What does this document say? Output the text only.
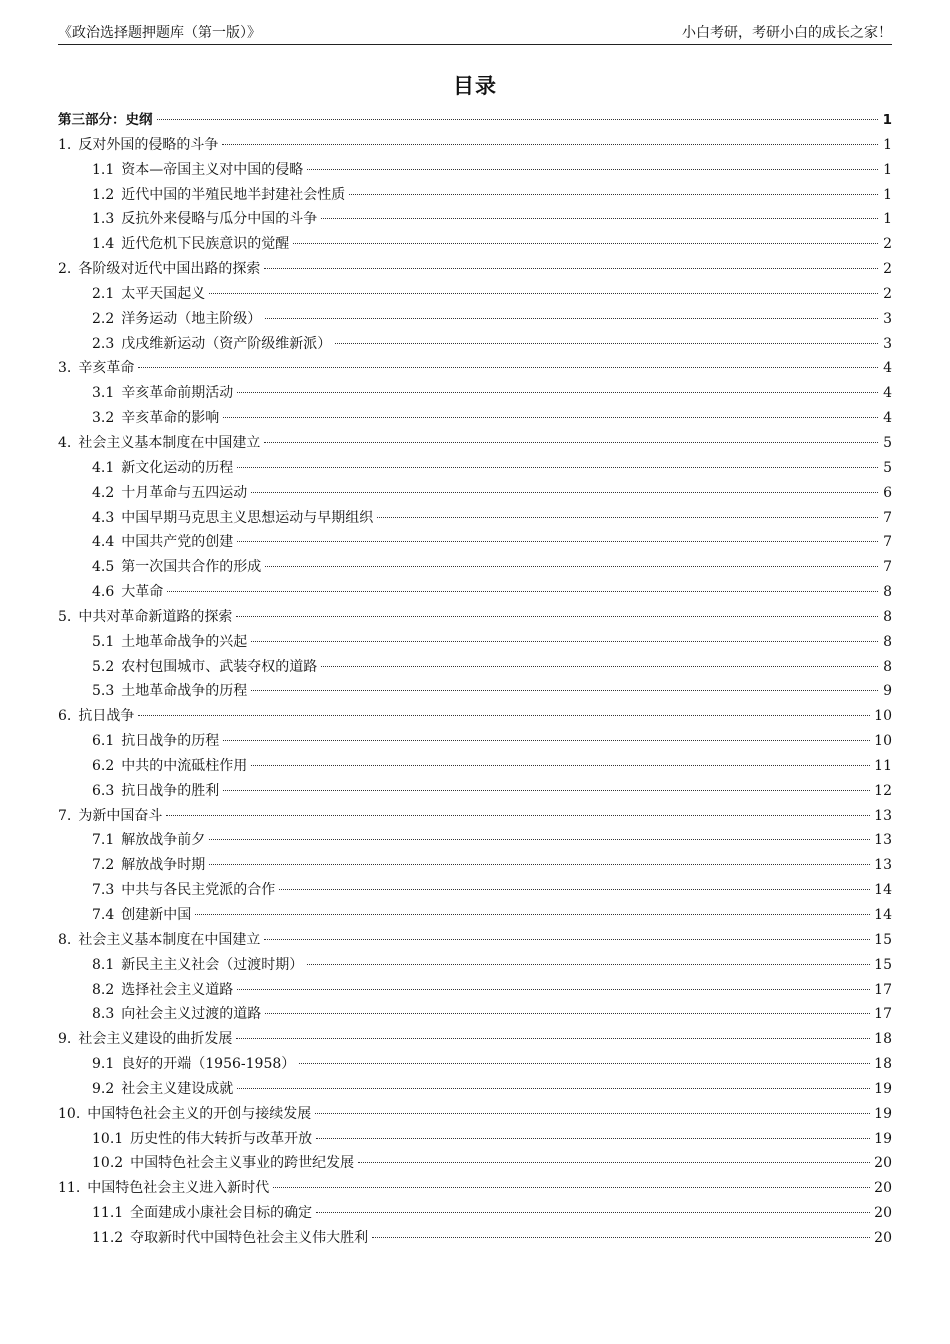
《政治选择题押题库（第一版）》	小白考研，考研小白的成长之家！
目录
第三部分：史纲	1
1. 反对外国的侵略的斗争	1
1.1 资本—帝国主义对中国的侵略	1
1.2 近代中国的半殖民地半封建社会性质	1
1.3 反抗外来侵略与瓜分中国的斗争	1
1.4 近代危机下民族意识的觉醒	2
2. 各阶级对近代中国出路的探索	2
2.1 太平天国起义	2
2.2 洋务运动（地主阶级）	3
2.3 戊戌维新运动（资产阶级维新派）	3
3. 辛亥革命	4
3.1 辛亥革命前期活动	4
3.2 辛亥革命的影响	4
4. 社会主义基本制度在中国建立	5
4.1 新文化运动的历程	5
4.2 十月革命与五四运动	6
4.3 中国早期马克思主义思想运动与早期组织	7
4.4 中国共产党的创建	7
4.5 第一次国共合作的形成	7
4.6 大革命	8
5. 中共对革命新道路的探索	8
5.1 土地革命战争的兴起	8
5.2 农村包围城市、武装夺权的道路	8
5.3 土地革命战争的历程	9
6. 抗日战争	10
6.1 抗日战争的历程	10
6.2 中共的中流砥柱作用	11
6.3 抗日战争的胜利	12
7. 为新中国奋斗	13
7.1 解放战争前夕	13
7.2 解放战争时期	13
7.3 中共与各民主党派的合作	14
7.4 创建新中国	14
8. 社会主义基本制度在中国建立	15
8.1 新民主主义社会（过渡时期）	15
8.2 选择社会主义道路	17
8.3 向社会主义过渡的道路	17
9. 社会主义建设的曲折发展	18
9.1 良好的开端（1956-1958）	18
9.2 社会主义建设成就	19
10. 中国特色社会主义的开创与接续发展	19
10.1 历史性的伟大转折与改革开放	19
10.2 中国特色社会主义事业的跨世纪发展	20
11. 中国特色社会主义进入新时代	20
11.1 全面建成小康社会目标的确定	20
11.2 夺取新时代中国特色社会主义伟大胜利	20
